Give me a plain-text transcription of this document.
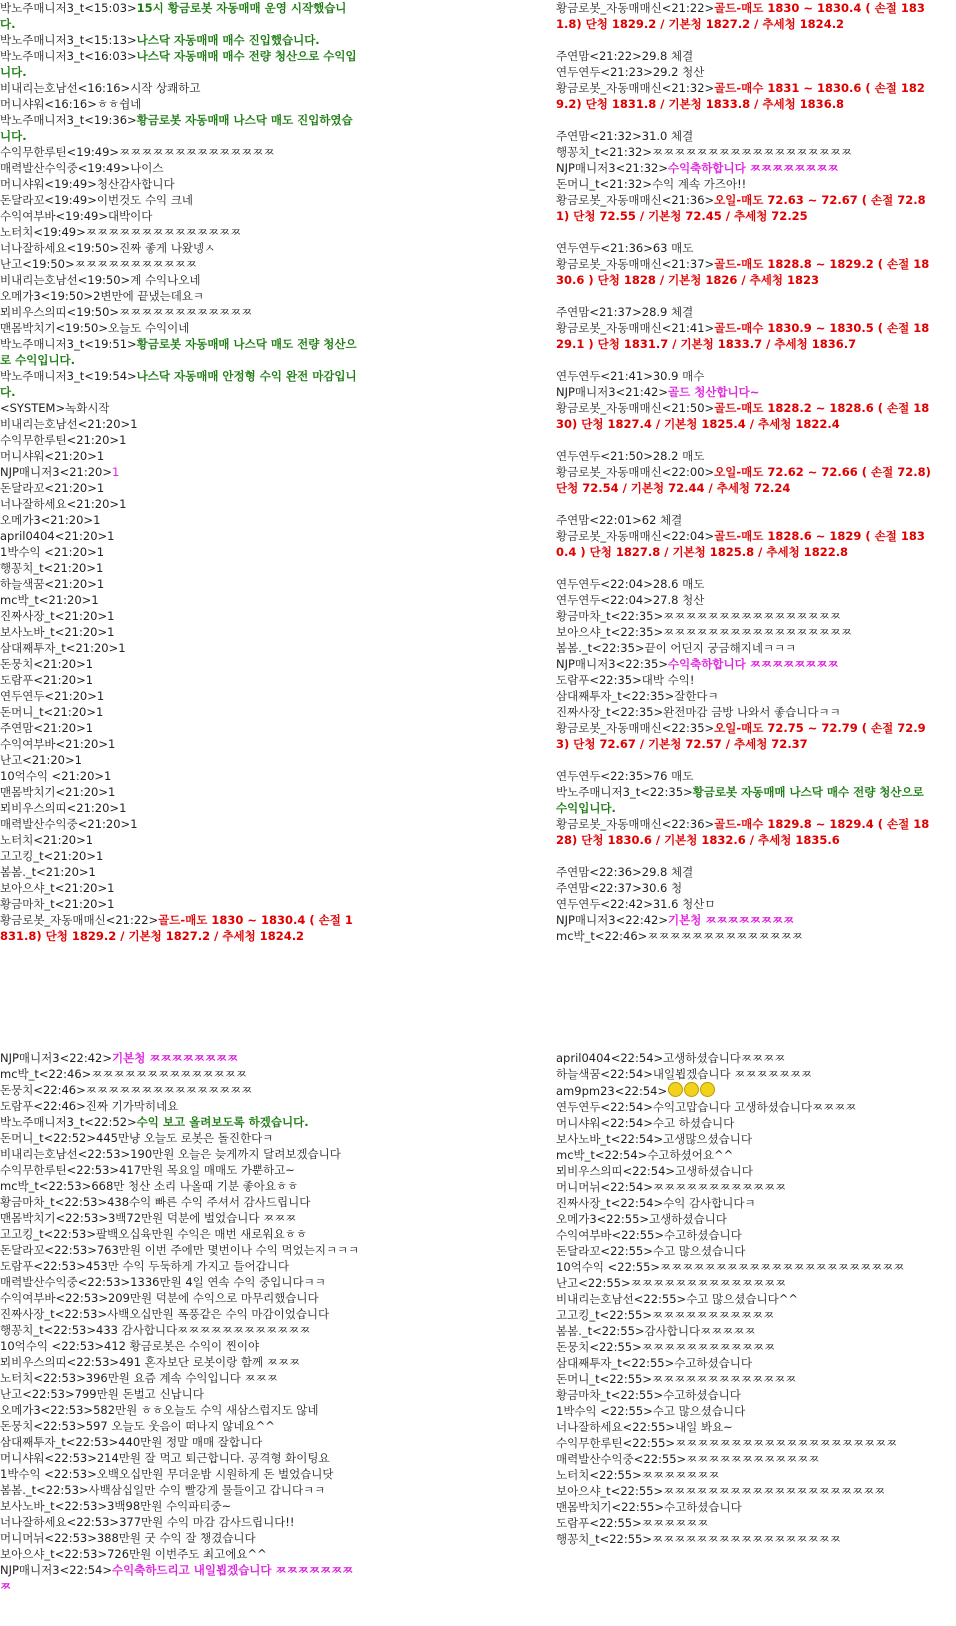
박노주매니저3_t<15:03>15시 황금로봇 자동매매 운영 시작했습니다.
박노주매니저3_t<15:13>나스닥 자동매매 매수 진입했습니다.
박노주매니저3_t<16:03>나스닥 자동매매 매수 전량 청산으로 수익입니다.
비내리는호남선<16:16>시작 상쾌하고
머니샤워<16:16>ㅎㅎ쉽네
박노주매니저3_t<19:36>황금로봇 자동매매 나스닥 매도 진입하였습니다.
수익무한루틴<19:49>ㅉㅉㅉㅉㅉㅉㅉㅉㅉㅉㅉㅉㅉㅉ
매력발산수익중<19:49>나이스
머니샤워<19:49>청산감사합니다
돈달라꼬<19:49>이번것도 수익 크네
수익여부바<19:49>대박이다
노터치<19:49>ㅉㅉㅉㅉㅉㅉㅉㅉㅉㅉㅉㅉㅉㅉ
너나잘하세요<19:50>진짜 좋게 나왔넹ㅅ
난고<19:50>ㅉㅉㅉㅉㅉㅉㅉㅉㅉㅉㅉ
비내리는호남선<19:50>계 수익나오네
오메가3<19:50>2변만에 끝냈는데요ㅋ
뫼비우스의띠<19:50>ㅉㅉㅉㅉㅉㅉㅉㅉㅉㅉㅉㅉ
맨몸박치기<19:50>오늘도 수익이네
박노주매니저3_t<19:51>황금로봇 자동매매 나스닥 매도 전량 청산으로 수익입니다.
박노주매니저3_t<19:54>나스닥 자동매매 안정형 수익 완전 마감입니다.
<SYSTEM>녹화시작
비내리는호남선<21:20>1
수익무한루틴<21:20>1
머니샤워<21:20>1
NJP매니저3<21:20>1
돈달라꼬<21:20>1
너나잘하세요<21:20>1
오메가3<21:20>1
april0404<21:20>1
1박수익 <21:20>1
행꽁치_t<21:20>1
하늘색꿈<21:20>1
mc박_t<21:20>1
진짜사장_t<21:20>1
보사노바_t<21:20>1
삼대째투자_t<21:20>1
돈뭉치<21:20>1
도람푸<21:20>1
연두연두<21:20>1
돈머니_t<21:20>1
주연맘<21:20>1
수익여부바<21:20>1
난고<21:20>1
10억수익 <21:20>1
맨몸박치기<21:20>1
뫼비우스의띠<21:20>1
매력발산수익중<21:20>1
노터치<21:20>1
고고킹_t<21:20>1
봄봄._t<21:20>1
보아으샤_t<21:20>1
황금마차_t<21:20>1
황금로봇_자동매매신<21:22>골드-매도 1830 ~ 1830.4 ( 손절 1831.8) 단청 1829.2 / 기본청 1827.2 / 추세청 1824.2
황금로봇_자동매매신<21:22>골드-매도 1830 ~ 1830.4 ( 손절 1831.8) 단청 1829.2 / 기본청 1827.2 / 추세청 1824.2
주연맘<21:22>29.8 체결
연두연두<21:23>29.2 청산
황금로봇_자동매매신<21:32>골드-매수 1831 ~ 1830.6 ( 손절 1829.2) 단청 1831.8 / 기본청 1833.8 / 추세청 1836.8
주연맘<21:32>31.0 체결
행꽁치_t<21:32>ㅉㅉㅉㅉㅉㅉㅉㅉㅉㅉㅉㅉㅉㅉㅉㅉㅉㅉ
NJP매니저3<21:32>수익축하합니다 ㅉㅉㅉㅉㅉㅉㅉㅉ
돈머니_t<21:32>수익 계속 가즈아!!
황금로봇_자동매매신<21:36>오일-매도 72.63 ~ 72.67 ( 손절 72.81) 단청 72.55 / 기본청 72.45 / 추세청 72.25
연두연두<21:36>63 매도
황금로봇_자동매매신<21:37>골드-매도 1828.8 ~ 1829.2 ( 손절 1830.6 ) 단청 1828 / 기본청 1826 / 추세청 1823
주연맘<21:37>28.9 체결
황금로봇_자동매매신<21:41>골드-매수 1830.9 ~ 1830.5 ( 손절 1829.1 ) 단청 1831.7 / 기본청 1833.7 / 추세청 1836.7
연두연두<21:41>30.9 매수
NJP매니저3<21:42>골드 청산합니다~
황금로봇_자동매매신<21:50>골드-매도 1828.2 ~ 1828.6 ( 손절 1830) 단청 1827.4 / 기본청 1825.4 / 추세청 1822.4
연두연두<21:50>28.2 매도
황금로봇_자동매매신<22:00>오일-매도 72.62 ~ 72.66 ( 손절 72.8) 단청 72.54 / 기본청 72.44 / 추세청 72.24
주연맘<22:01>62 체결
황금로봇_자동매매신<22:04>골드-매도 1828.6 ~ 1829 ( 손절 1830.4 ) 단청 1827.8 / 기본청 1825.8 / 추세청 1822.8
연두연두<22:04>28.6 매도
연두연두<22:04>27.8 청산
황금마차_t<22:35>ㅉㅉㅉㅉㅉㅉㅉㅉㅉㅉㅉㅉㅉㅉㅉㅉ
보아으샤_t<22:35>ㅉㅉㅉㅉㅉㅉㅉㅉㅉㅉㅉㅉㅉㅉㅉㅉㅉ
봄봄._t<22:35>끝이 어딘지 궁금해지네ㅋㅋㅋ
NJP매니저3<22:35>수익축하합니다 ㅉㅉㅉㅉㅉㅉㅉㅉ
도람푸<22:35>대박 수익!
삼대째투자_t<22:35>잘한다ㅋ
진짜사장_t<22:35>완전마감 금방 나와서 좋습니다ㅋㅋ
황금로봇_자동매매신<22:35>오일-매도 72.75 ~ 72.79 ( 손절 72.93) 단청 72.67 / 기본청 72.57 / 추세청 72.37
연두연두<22:35>76 매도
박노주매니저3_t<22:35>황금로봇 자동매매 나스닥 매수 전량 청산으로 수익입니다.
황금로봇_자동매매신<22:36>골드-매수 1829.8 ~ 1829.4 ( 손절 1828) 단청 1830.6 / 기본청 1832.6 / 추세청 1835.6
주연맘<22:36>29.8 체결
주연맘<22:37>30.6 청
연두연두<22:42>31.6 청산ㅁ
NJP매니저3<22:42>기본청 ㅉㅉㅉㅉㅉㅉㅉㅉ
mc박_t<22:46>ㅉㅉㅉㅉㅉㅉㅉㅉㅉㅉㅉㅉㅉㅉ
NJP매니저3<22:42>기본청 ㅉㅉㅉㅉㅉㅉㅉㅉ
mc박_t<22:46>ㅉㅉㅉㅉㅉㅉㅉㅉㅉㅉㅉㅉㅉㅉ
돈뭉치<22:46>ㅉㅉㅉㅉㅉㅉㅉㅉㅉㅉㅉㅉㅉㅉㅉ
도람푸<22:46>진짜 기가막히네요
박노주매니저3_t<22:52>수익 보고 올려보도록 하겠습니다.
돈머니_t<22:52>445만냥 오늘도 로봇은 돌진한다ㅋ
비내리는호남선<22:53>190만원 오늘은 늦게까지 달려보겠습니다
수익무한루틴<22:53>417만원 목요일 매매도 가뿐하고~
mc박_t<22:53>668만 청산 소리 나올때 기분 좋아요ㅎㅎ
황금마차_t<22:53>438수익 빠른 수익 주셔서 감사드립니다
맨몸박치기<22:53>3백72만원 덕분에 벌었습니다 ㅉㅉㅉ
고고킹_t<22:53>팔백오십육만원 수익은 매번 새로워요ㅎㅎ
돈달라꼬<22:53>763만원 이번 주에만 몇번이나 수익 먹었는지ㅋㅋㅋ
도람푸<22:53>453만 수익 두둑하게 가지고 들어갑니다
매력발산수익중<22:53>1336만원 4일 연속 수익 중입니다ㅋㅋ
수익여부바<22:53>209만원 덕분에 수익으로 마무리했습니다
진짜사장_t<22:53>사백오십만원 폭풍같은 수익 마감이었습니다
행꽁치_t<22:53>433 감사합니다ㅉㅉㅉㅉㅉㅉㅉㅉㅉㅉㅉㅉ
10억수익 <22:53>412 황금로봇은 수익이 찐이야
뫼비우스의띠<22:53>491 혼자보단 로봇이랑 함께 ㅉㅉㅉ
노터치<22:53>396만원 요즘 계속 수익입니다 ㅉㅉㅉ
난고<22:53>799만원 돈벌고 신납니다
오메가3<22:53>582만원 ㅎㅎ오늘도 수익 새삼스럽지도 않네
돈뭉치<22:53>597 오늘도 웃음이 떠나지 않네요^^
삼대째투자_t<22:53>440만원 정말 매매 잘합니다
머니샤워<22:53>214만원 잘 먹고 퇴근합니다. 공격형 화이팅요
1박수익 <22:53>오백오십만원 무더운밤 시원하게 돈 벌었습니닷
봄봄._t<22:53>사백삼십일만 수익 빨강게 물들이고 갑니다ㅋㅋ
보사노바_t<22:53>3백98만원 수익파티중~
너나잘하세요<22:53>377만원 수익 마감 감사드립니다!!
머니머뉘<22:53>388만원 굿 수익 잘 챙겼습니다
보아으샤_t<22:53>726만원 이번주도 최고에요^^
NJP매니저3<22:54>수익축하드리고 내일뵙겠습니다 ㅉㅉㅉㅉㅉㅉㅉㅉ
april0404<22:54>고생하셨습니다ㅉㅉㅉㅉ
하늘색꿈<22:54>내일뵙겠습니다 ㅉㅉㅉㅉㅉㅉㅉ
am9pm23<22:54>
연두연두<22:54>수익고맙습니다 고생하셨습니다ㅉㅉㅉㅉ
머니샤워<22:54>수고 하셨습니다
보사노바_t<22:54>고생많으셨습니다
mc박_t<22:54>수고하셨어요^^
뫼비우스의띠<22:54>고생하셨습니다
머니머뉘<22:54>ㅉㅉㅉㅉㅉㅉㅉㅉㅉㅉㅉㅉ
진짜사장_t<22:54>수익 감사합니다ㅋ
오메가3<22:55>고생하셨습니다
수익여부바<22:55>수고하셨습니다
돈달라꼬<22:55>수고 많으셨습니다
10억수익 <22:55>ㅉㅉㅉㅉㅉㅉㅉㅉㅉㅉㅉㅉㅉㅉㅉㅉㅉㅉㅉㅉㅉㅉ
난고<22:55>ㅉㅉㅉㅉㅉㅉㅉㅉㅉㅉㅉㅉㅉㅉ
비내리는호남선<22:55>수고 많으셨습니다^^
고고킹_t<22:55>ㅉㅉㅉㅉㅉㅉㅉㅉㅉㅉㅉ
봄봄._t<22:55>감사합니다ㅉㅉㅉㅉㅉ
돈뭉치<22:55>ㅉㅉㅉㅉㅉㅉㅉㅉㅉㅉㅉㅉ
삼대째투자_t<22:55>수고하셨습니다
돈머니_t<22:55>ㅉㅉㅉㅉㅉㅉㅉㅉㅉㅉㅉㅉㅉ
황금마차_t<22:55>수고하셨습니다
1박수익 <22:55>수고 많으셨습니다
너나잘하세요<22:55>내일 봐요~
수익무한루틴<22:55>ㅉㅉㅉㅉㅉㅉㅉㅉㅉㅉㅉㅉㅉㅉㅉㅉㅉㅉㅉㅉ
매력발산수익중<22:55>ㅉㅉㅉㅉㅉㅉㅉㅉㅉㅉㅉㅉ
노터치<22:55>ㅉㅉㅉㅉㅉㅉㅉ
보아으샤_t<22:55>ㅉㅉㅉㅉㅉㅉㅉㅉㅉㅉㅉㅉㅉㅉㅉㅉㅉㅉㅉㅉ
맨몸박치기<22:55>수고하셨습니다
도람푸<22:55>ㅉㅉㅉㅉㅉㅉ
행꽁치_t<22:55>ㅉㅉㅉㅉㅉㅉㅉㅉㅉㅉㅉㅉㅉㅉㅉㅉㅉ
